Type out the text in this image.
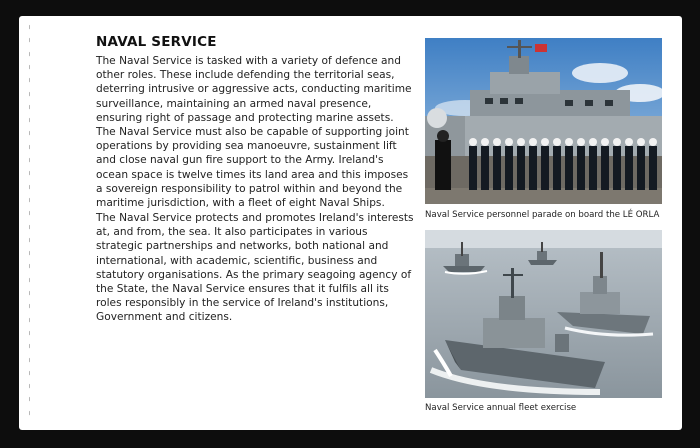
NAVAL SERVICE

The Naval Service is tasked with a variety of defence and other roles. These include defending the territorial seas, deterring intrusive or aggressive acts, conducting maritime surveillance, maintaining an armed naval presence, ensuring right of passage and protecting marine assets. The Naval Service must also be capable of supporting joint operations by providing sea manoeuvre, sustainment lift and close naval gun fire support to the Army. Ireland's ocean space is twelve times its land area and this imposes a sovereign responsibility to patrol within and beyond the maritime jurisdiction, with a fleet of eight Naval Ships.

The Naval Service protects and promotes Ireland's interests at, and from, the sea. It also participates in various strategic partnerships and networks, both national and international, with academic, scientific, business and statutory organisations. As the primary seagoing agency of the State, the Naval Service ensures that it fulfils all its roles responsibly in the service of Ireland's institutions, Government and citizens.

Naval Service personnel parade on board the LÉ ORLA
Naval Service annual fleet exercise
